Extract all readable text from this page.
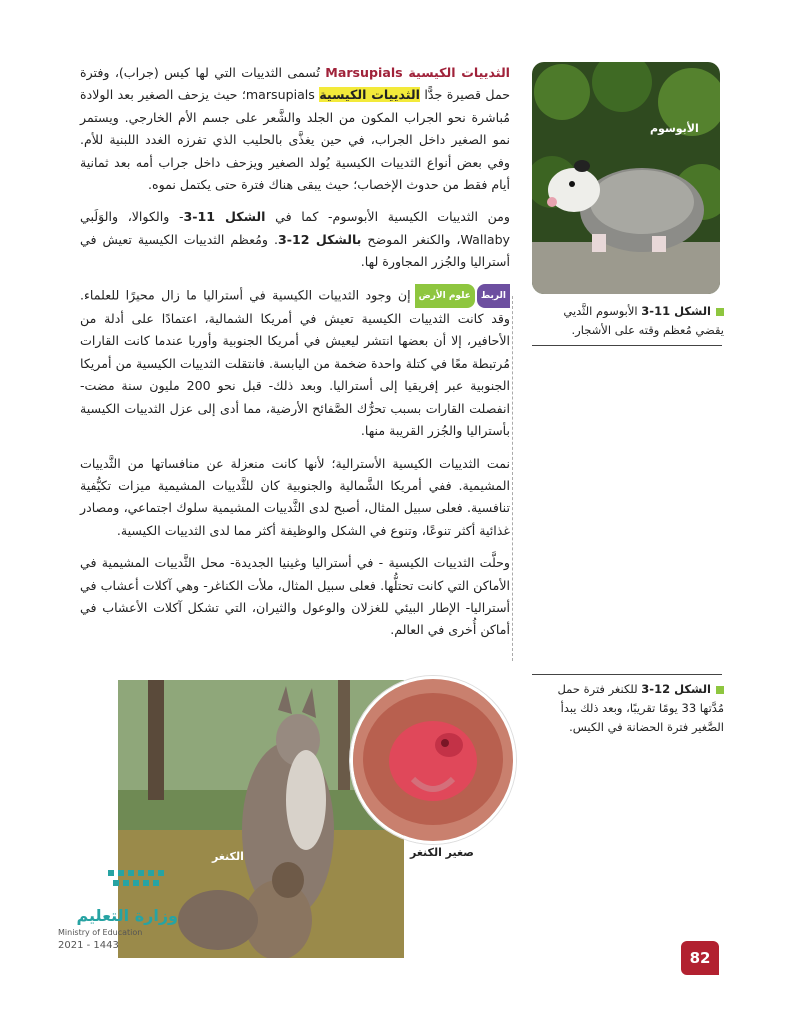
الثدييات الكيسية Marsupials تُسمى الثدييات التي لها كيس (جراب)، وفترة حمل قصيرة جدًّا الثدييات الكيسية marsupials؛ حيث يزحف الصغير بعد الولادة مُباشرة نحو الجراب المكون من الجلد والشَّعر على جسم الأم الخارجي. ويستمر نمو الصغير داخل الجراب، في حين يغذَّى بالحليب الذي تفرزه الغدد اللبنية للأم. وفي بعض أنواع الثدييات الكيسية يُولد الصغير ويزحف داخل جراب أمه بعد ثمانية أيام فقط من حدوث الإخصاب؛ حيث يبقى هناك فترة حتى يكتمل نموه.

ومن الثدييات الكيسية الأبوسوم- كما في الشكل 11-3- والكوالا، والوَلَبي Wallaby، والكنغر الموضح بالشكل 12-3. ومُعظم الثدييات الكيسية تعيش في أستراليا والجُزر المجاورة لها.

الربط
علوم الأرض
إن وجود الثدييات الكيسية في أستراليا ما زال محيرًا للعلماء. وقد كانت الثدييات الكيسية تعيش في أمريكا الشمالية، اعتمادًا على أدلة من الأحافير، إلا أن بعضها انتشر ليعيش في أمريكا الجنوبية وأوربا عندما كانت القارات مُرتبطة معًا في كتلة واحدة ضخمة من اليابسة. فانتقلت الثدييات الكيسية من أمريكا الجنوبية عبر إفريقيا إلى أستراليا. وبعد ذلك- قبل نحو 200 مليون سنة مضت- انفصلت القارات بسبب تحرُّك الصَّفائح الأرضية، مما أدى إلى عزل الثدييات الكيسية بأستراليا والجُزر القريبة منها.

نمت الثدييات الكيسية الأسترالية؛ لأنها كانت منعزلة عن منافساتها من الثَّدييات المشيمية. ففي أمريكا الشَّمالية والجنوبية كان للثَّدييات المشيمية ميزات تكيُّفية تنافسية. فعلى سبيل المثال، أصبح لدى الثَّدييات المشيمية سلوك اجتماعي، ومصادر غذائية أكثر تنوعًا، وتنوع في الشكل والوظيفة أكثر مما لدى الثدييات الكيسية.

وحلَّت الثدييات الكيسية - في أستراليا وغينيا الجديدة- محل الثَّدييات المشيمية في الأماكن التي كانت تحتلُّها. فعلى سبيل المثال، ملأت الكناغر- وهي آكلات أعشاب في أستراليا- الإطار البيئي للغزلان والوعول والثيران، التي تشكل آكلات الأعشاب في أماكن أُخرى في العالم.

الأبوسوم
الشكل 11-3 الأبوسوم الثَّديي يقضي مُعظم وقته على الأشجار.
الشكل 12-3 للكنغر فترة حمل مُدَّتها 33 يومًا تقريبًا، وبعد ذلك يبدأ الصَّغير فترة الحضانة في الكيس.
الكنغر	صغير الكنغر
وزارة التعليم
Ministry of Education
2021 - 1443
82
